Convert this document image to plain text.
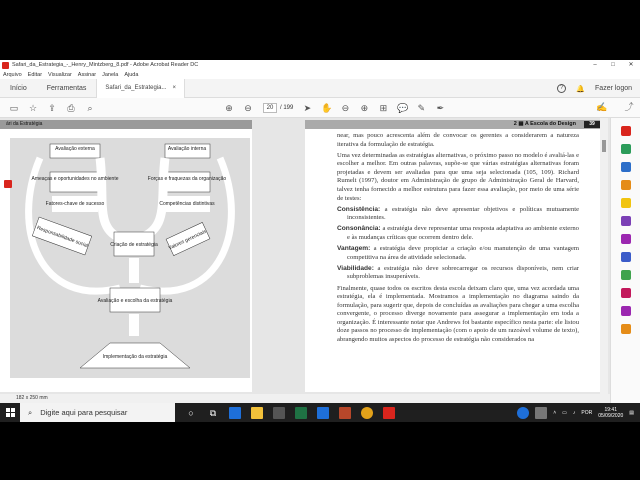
Safari_da_Estrategia_-_Henry_Mintzberg_8.pdf - Adobe Acrobat Reader DC	–	□	✕
Arquivo Editar Visualizar Assinar Janela Ajuda
Início	Ferramentas	Safari_da_Estrategia... ×	?	🔔 Fazer logon
▭ ☆ ⇪ ⎙ ⌕	⊕ ⊖	20	/ 199 ➤ ✋ ⊖ ⊕ ⊞ 💬 ✎ ✒	✍ ⤴
ári da Estratégia
Avaliação externa	Avaliação interna
Ameaças e oportunidades no ambiente	Forças e fraquezas da organização
Fatores-chave de sucesso	Competências distintivas
Responsabilidade social	Criação de estratégia Valores gerenciais
Avaliação e escolha da estratégia
Implementação da estratégia
2 ▦ A Escola do Design	39

near, mas pouco acrescenta além de convocar os gerentes a considerarem a natureza iterativa da formulação de estratégia.

Uma vez determinadas as estratégias alternativas, o próximo passo no modelo é avaliá-las e escolher a melhor. Em outras palavras, supõe-se que várias estratégias alternativas foram projetadas e devem ser avaliadas para que uma seja selecionada (105, 109). Richard Rumelt (1997), doutor em Administração de grupo de Administração Geral de Harvard, talvez tenha fornecido a melhor estrutura para fazer essa avaliação, por meio de uma série de testes:

Consistência: a estratégia não deve apresentar objetivos e políticas mutuamente inconsistentes.

Consonância: a estratégia deve representar uma resposta adaptativa ao ambiente externo e às mudanças críticas que ocorrem dentro dele.

Vantagem: a estratégia deve propiciar a criação e/ou manutenção de uma vantagem competitiva na área de atividade selecionada.

Viabilidade: a estratégia não deve sobrecarregar os recursos disponíveis, nem criar subproblemas insuperáveis.

Finalmente, quase todos os escritos desta escola deixam claro que, uma vez acordada uma estratégia, ela é implementada. Mostramos a implementação no diagrama saindo da formulação, para sugerir que, depois de concluídas as avaliações para chegar a uma escolha convergente, o processo diverge novamente para assegurar a implementação em toda a organização. É interessante notar que Andrews foi bastante específico nesta parte: ele listou doze passos no processo de implementação (com o apoio de um razoável volume de texto), abrangendo muitos aspectos do processo de estratégia não considerados na

182 x 250 mm
⌕ Digite aqui para pesquisar	○	⧉	˄ ▭ ♪ POR	19:41
05/09/2020 ▤
